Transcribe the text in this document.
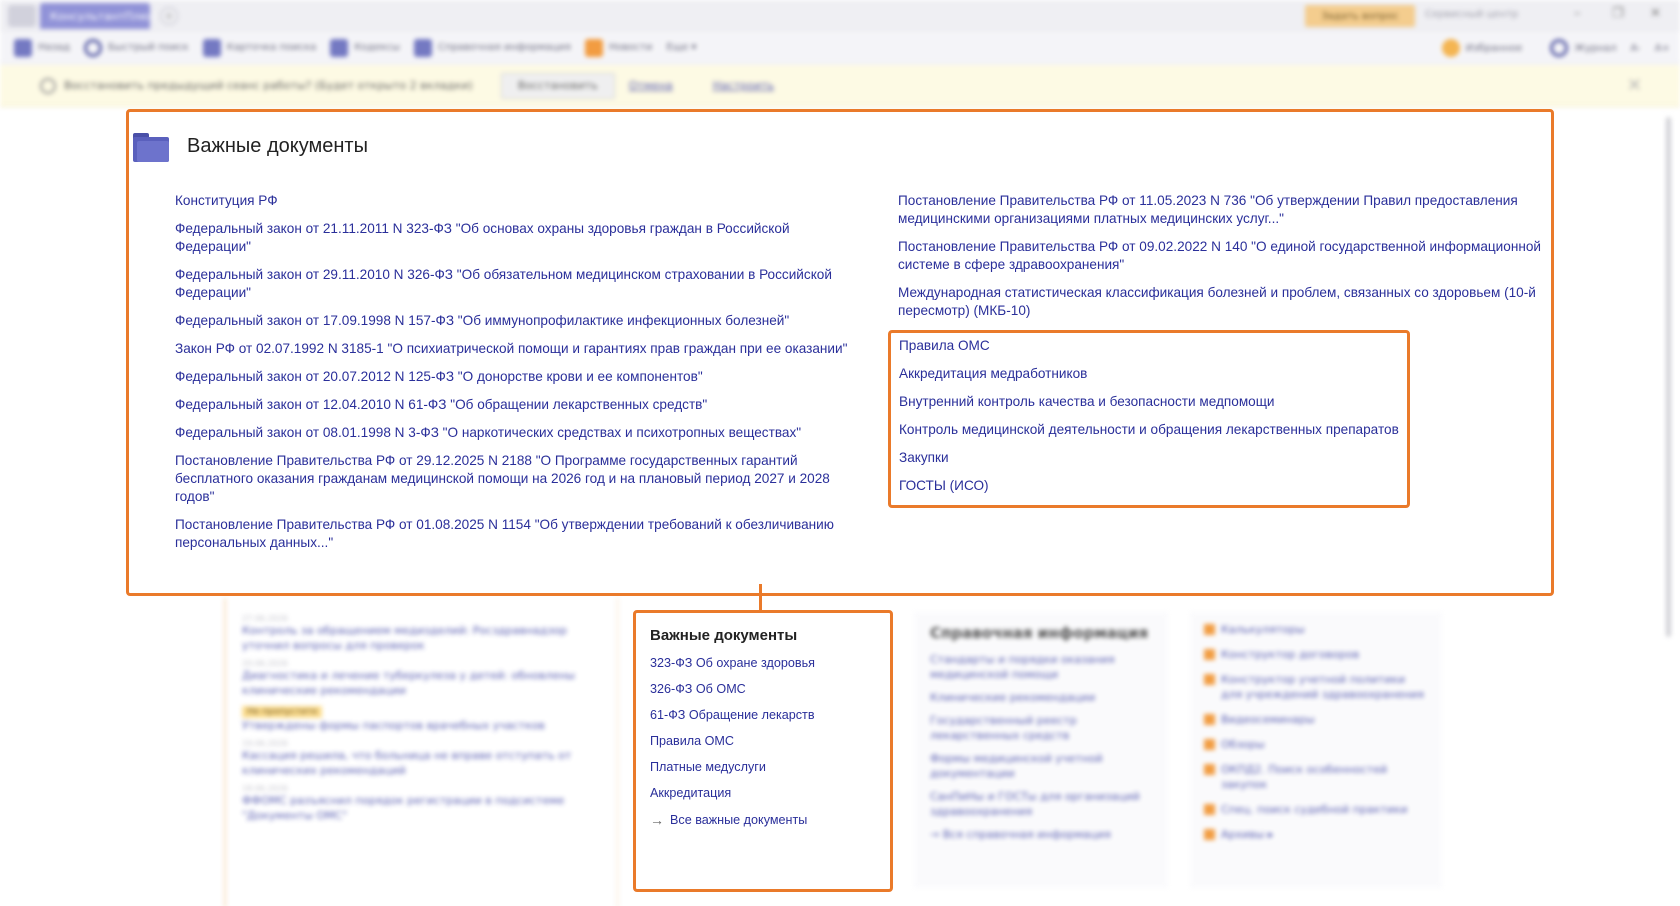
КонсультантПлюс +	Задать вопрос	Сервисный центр	– ❐ ✕
Назад	Быстрый поиск	Карточка поиска	Кодексы	Справочная информация	Новости Еще ▾	Избранное	Журнал A- A+
Восстановить предыдущий сеанс работы? (Будет открыто 2 вкладки)	Восстановить	Отмена	Настроить	✕
27.06.2026
Контроль за обращением медизделий: Росздравнадзор уточнил вопросы для проверок
20.06.2026
Диагностика и лечение туберкулеза у детей: обновлены клинические рекомендации
Не пропустите
Утверждены формы паспортов врачебных участков
19.06.2026
Кассация решила, что больница не вправе отступать от клинических рекомендаций
18.06.2026
ФФОМС разъяснил порядок регистрации в подсистеме "Документы ОМС"
Справочная информация
Стандарты и порядки оказания медицинской помощи
Клинические рекомендации
Государственный реестр лекарственных средств
Формы медицинской учетной документации
СанПиНы и ГОСТы для организаций здравоохранения
→ Вся справочная информация
Калькуляторы
Конструктор договоров
Конструктор учетной политики для учреждений здравоохранения
Видеосеминары
Обзоры
ОКПД2. Поиск особенностей закупок
Спец. поиск судебной практики
Архивы ▸
Важные документы
Конституция РФ
Федеральный закон от 21.11.2011 N 323-ФЗ "Об основах охраны здоровья граждан в Российской Федерации"
Федеральный закон от 29.11.2010 N 326-ФЗ "Об обязательном медицинском страховании в Российской Федерации"
Федеральный закон от 17.09.1998 N 157-ФЗ "Об иммунопрофилактике инфекционных болезней"
Закон РФ от 02.07.1992 N 3185-1 "О психиатрической помощи и гарантиях прав граждан при ее оказании"
Федеральный закон от 20.07.2012 N 125-ФЗ "О донорстве крови и ее компонентов"
Федеральный закон от 12.04.2010 N 61-ФЗ "Об обращении лекарственных средств"
Федеральный закон от 08.01.1998 N 3-ФЗ "О наркотических средствах и психотропных веществах"
Постановление Правительства РФ от 29.12.2025 N 2188 "О Программе государственных гарантий бесплатного оказания гражданам медицинской помощи на 2026 год и на плановый период 2027 и 2028 годов"
Постановление Правительства РФ от 01.08.2025 N 1154 "Об утверждении требований к обезличиванию персональных данных..."
Постановление Правительства РФ от 11.05.2023 N 736 "Об утверждении Правил предоставления медицинскими организациями платных медицинских услуг..."
Постановление Правительства РФ от 09.02.2022 N 140 "О единой государственной информационной системе в сфере здравоохранения"
Международная статистическая классификация болезней и проблем, связанных со здоровьем (10-й пересмотр) (МКБ-10)
Правила ОМС
Аккредитация медработников
Внутренний контроль качества и безопасности медпомощи
Контроль медицинской деятельности и обращения лекарственных препаратов
Закупки
ГОСТЫ (ИСО)
Важные документы
323-ФЗ Об охране здоровья
326-ФЗ Об ОМС
61-ФЗ Обращение лекарств
Правила ОМС
Платные медуслуги
Аккредитация
→ Все важные документы
